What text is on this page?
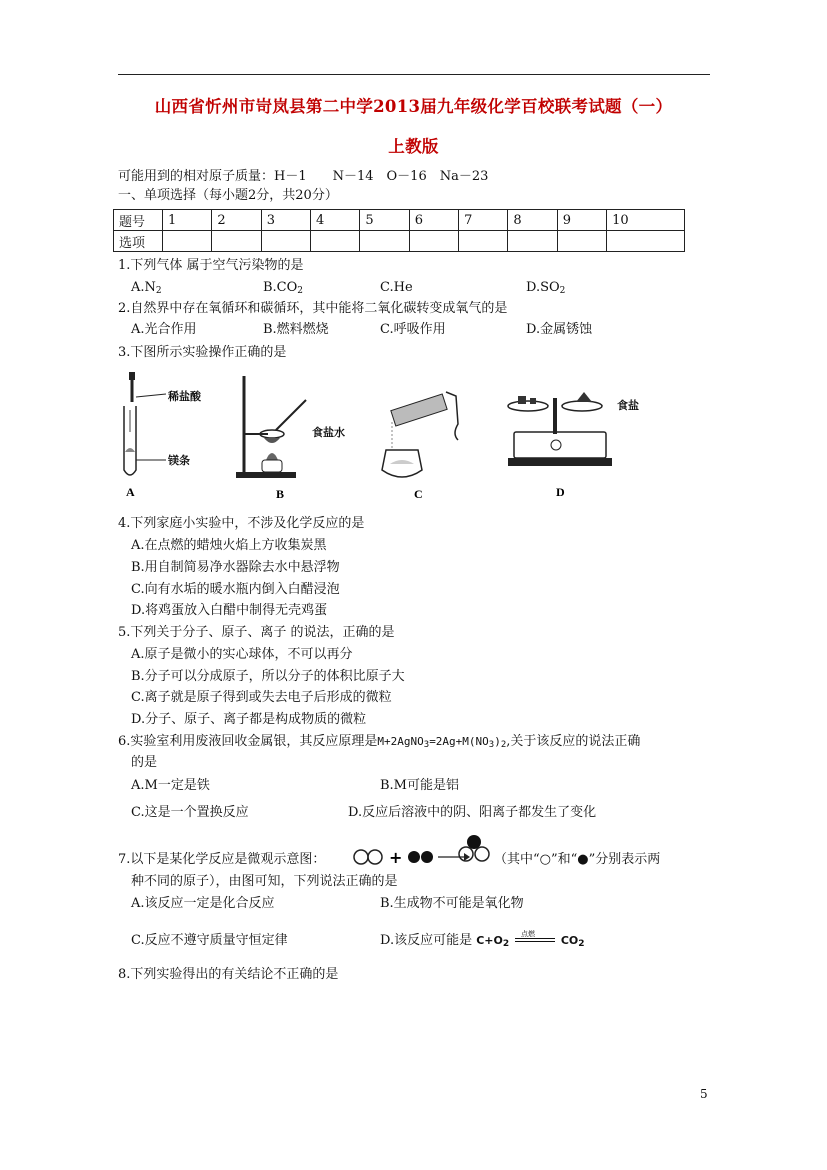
山西省忻州市岢岚县第二中学2013届九年级化学百校联考试题（一）
上教版
可能用到的相对原子质量：H－1　　N－14　O－16　Na－23
一、单项选择（每小题2分，共20分）
题号	1	2	3	4	5	6	7	8	9	10
选项										
1.下列气体 属于空气污染物的是
$A.N_2$	$B.CO_2$	C.He	$D.SO_2$
2.自然界中存在氧循环和碳循环，其中能将二氧化碳转变成氧气的是
A.光合作用	B.燃料燃烧	C.呼吸作用	D.金属锈蚀
3.下图所示实验操作正确的是
A
稀盐酸
镁条
B
食盐水
C	D
食盐
4.下列家庭小实验中，不涉及化学反应的是
A.在点燃的蜡烛火焰上方收集炭黑
B.用自制简易净水器除去水中悬浮物
C.向有水垢的暖水瓶内倒入白醋浸泡
D.将鸡蛋放入白醋中制得无壳鸡蛋
5.下列关于分子、原子、离子 的说法，正确的是
A.原子是微小的实心球体，不可以再分
B.分子可以分成原子，所以分子的体积比原子大
C.离子就是原子得到或失去电子后形成的微粒
D.分子、原子、离子都是构成物质的微粒
6.实验室利用废液回收金属银，其反应原理是$M+2AgNO_3=2Ag+M(NO_3)_2$,关于该反应的说法正确
的是
A.M一定是铁	B.M可能是铝
C.这是一个置换反应	D.反应后溶液中的阴、阳离子都发生了变化
7.以下是某化学反应是微观示意图：	+	（其中“○”和“●”分别表示两
种不同的原子），由图可知，下列说法正确的是
A.该反应一定是化合反应	B.生成物不可能是氧化物
C.反应不遵守质量守恒定律	D.该反应可能是 $C+O_2$
点燃 $CO_2$
8.下列实验得出的有关结论不正确的是
5
